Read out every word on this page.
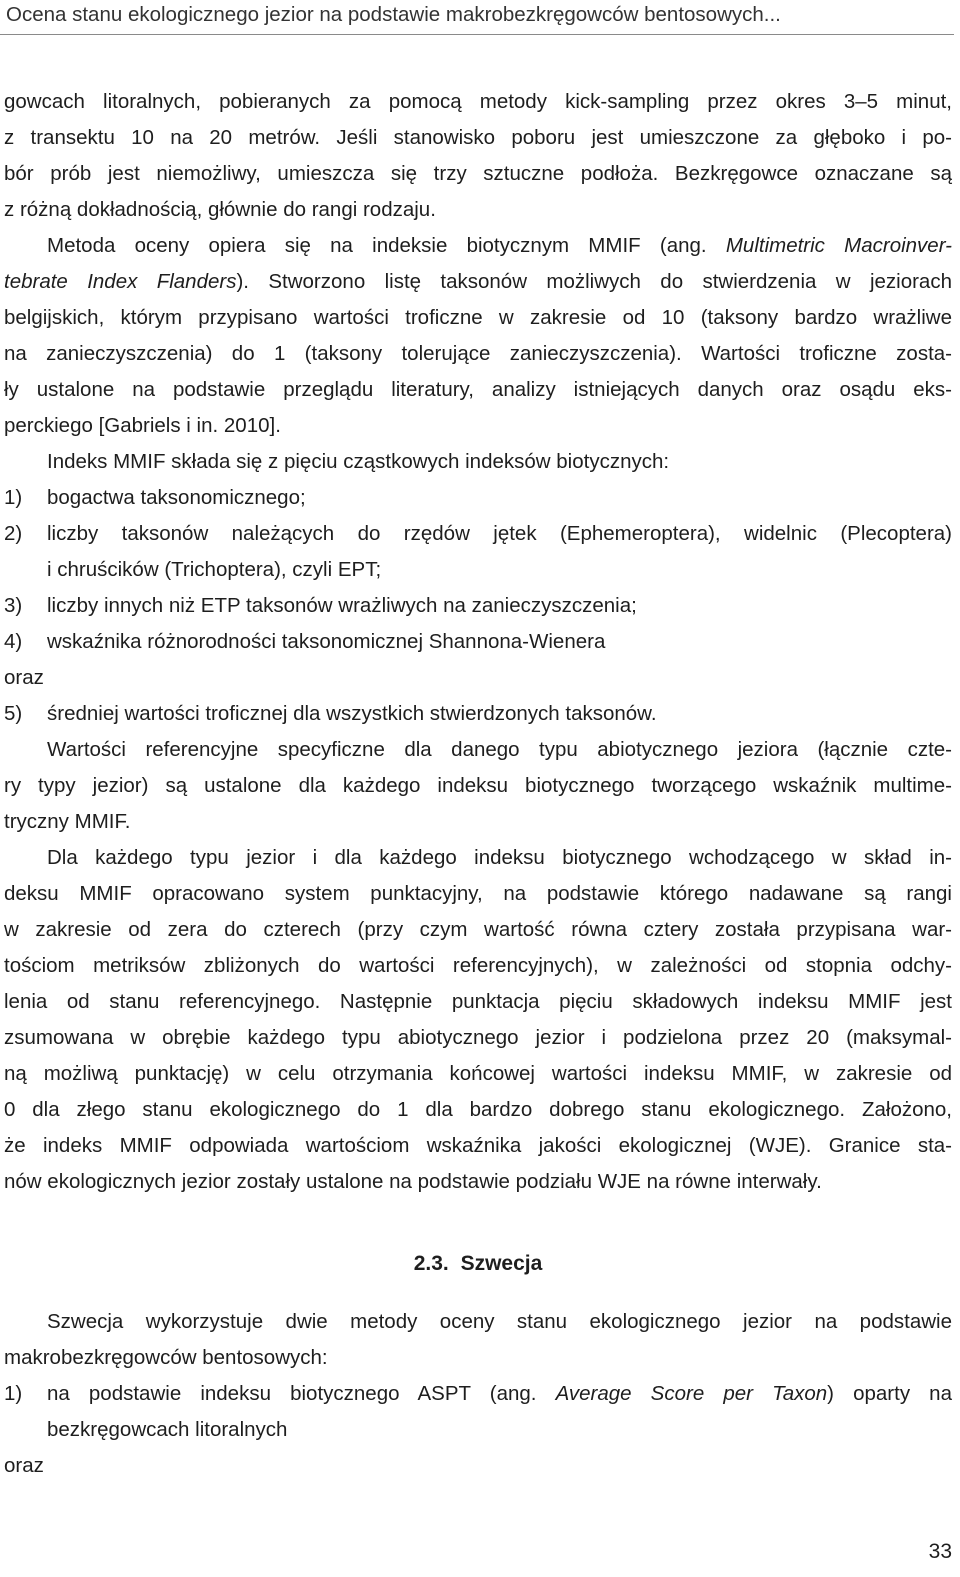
Ocena stanu ekologicznego jezior na podstawie makrobezkręgowców bentosowych...
gowcach litoralnych, pobieranych za pomocą metody kick-sampling przez okres 3–5 minut,
z transektu 10 na 20 metrów. Jeśli stanowisko poboru jest umieszczone za głęboko i po-
bór prób jest niemożliwy, umieszcza się trzy sztuczne podłoża. Bezkręgowce oznaczane są
z różną dokładnością, głównie do rangi rodzaju.
Metoda oceny opiera się na indeksie biotycznym MMIF (ang. Multimetric Macroinver-
tebrate Index Flanders). Stworzono listę taksonów możliwych do stwierdzenia w jeziorach
belgijskich, którym przypisano wartości troficzne w zakresie od 10 (taksony bardzo wrażliwe
na zanieczyszczenia) do 1 (taksony tolerujące zanieczyszczenia). Wartości troficzne zosta-
ły ustalone na podstawie przeglądu literatury, analizy istniejących danych oraz osądu eks-
perckiego [Gabriels i in. 2010].
Indeks MMIF składa się z pięciu cząstkowych indeksów biotycznych:
1) bogactwa taksonomicznego;
2) liczby taksonów należących do rzędów jętek (Ephemeroptera), widelnic (Plecoptera)
i chruścików (Trichoptera), czyli EPT;
3) liczby innych niż ETP taksonów wrażliwych na zanieczyszczenia;
4) wskaźnika różnorodności taksonomicznej Shannona-Wienera
oraz
5) średniej wartości troficznej dla wszystkich stwierdzonych taksonów.
Wartości referencyjne specyficzne dla danego typu abiotycznego jeziora (łącznie czte-
ry typy jezior) są ustalone dla każdego indeksu biotycznego tworzącego wskaźnik multime-
tryczny MMIF.
Dla każdego typu jezior i dla każdego indeksu biotycznego wchodzącego w skład in-
deksu MMIF opracowano system punktacyjny, na podstawie którego nadawane są rangi
w zakresie od zera do czterech (przy czym wartość równa cztery została przypisana war-
tościom metriksów zbliżonych do wartości referencyjnych), w zależności od stopnia odchy-
lenia od stanu referencyjnego. Następnie punktacja pięciu składowych indeksu MMIF jest
zsumowana w obrębie każdego typu abiotycznego jezior i podzielona przez 20 (maksymal-
ną możliwą punktację) w celu otrzymania końcowej wartości indeksu MMIF, w zakresie od
0 dla złego stanu ekologicznego do 1 dla bardzo dobrego stanu ekologicznego. Założono,
że indeks MMIF odpowiada wartościom wskaźnika jakości ekologicznej (WJE). Granice sta-
nów ekologicznych jezior zostały ustalone na podstawie podziału WJE na równe interwały.
2.3. Szwecja
Szwecja wykorzystuje dwie metody oceny stanu ekologicznego jezior na podstawie
makrobezkręgowców bentosowych:
1) na podstawie indeksu biotycznego ASPT (ang. Average Score per Taxon) oparty na
bezkręgowcach litoralnych
oraz
33
